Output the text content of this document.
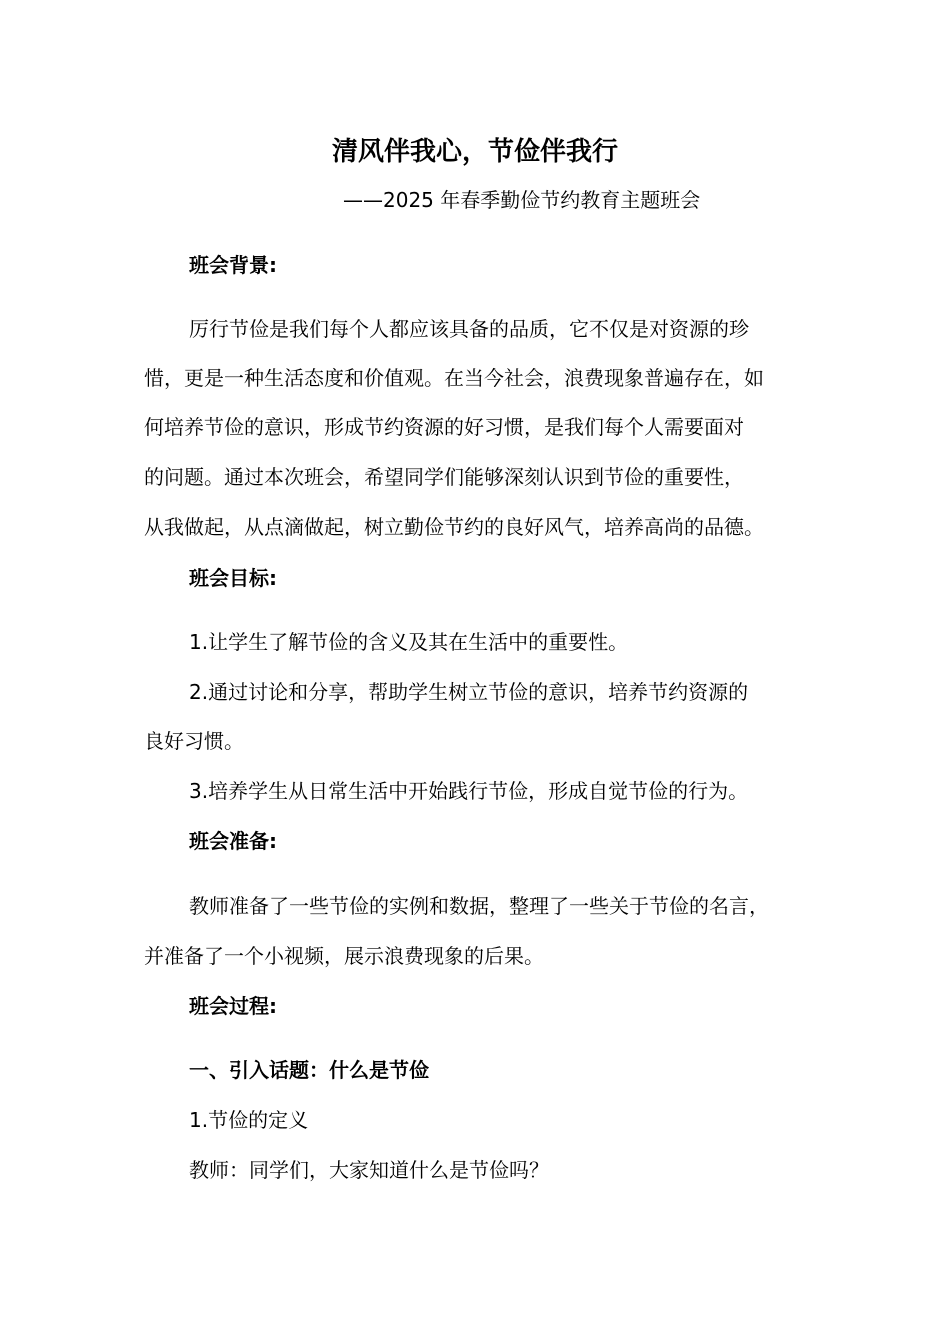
清风伴我心，节俭伴我行

——2025 年春季勤俭节约教育主题班会

班会背景:

厉行节俭是我们每个人都应该具备的品质，它不仅是对资源的珍

惜，更是一种生活态度和价值观。在当今社会，浪费现象普遍存在，如

何培养节俭的意识，形成节约资源的好习惯，是我们每个人需要面对

的问题。通过本次班会，希望同学们能够深刻认识到节俭的重要性，

从我做起，从点滴做起，树立勤俭节约的良好风气，培养高尚的品德。

班会目标:

1.让学生了解节俭的含义及其在生活中的重要性。

2.通过讨论和分享，帮助学生树立节俭的意识，培养节约资源的

良好习惯。

3.培养学生从日常生活中开始践行节俭，形成自觉节俭的行为。

班会准备:

教师准备了一些节俭的实例和数据，整理了一些关于节俭的名言，

并准备了一个小视频，展示浪费现象的后果。

班会过程:

一、引入话题：什么是节俭

1.节俭的定义

教师：同学们，大家知道什么是节俭吗？
